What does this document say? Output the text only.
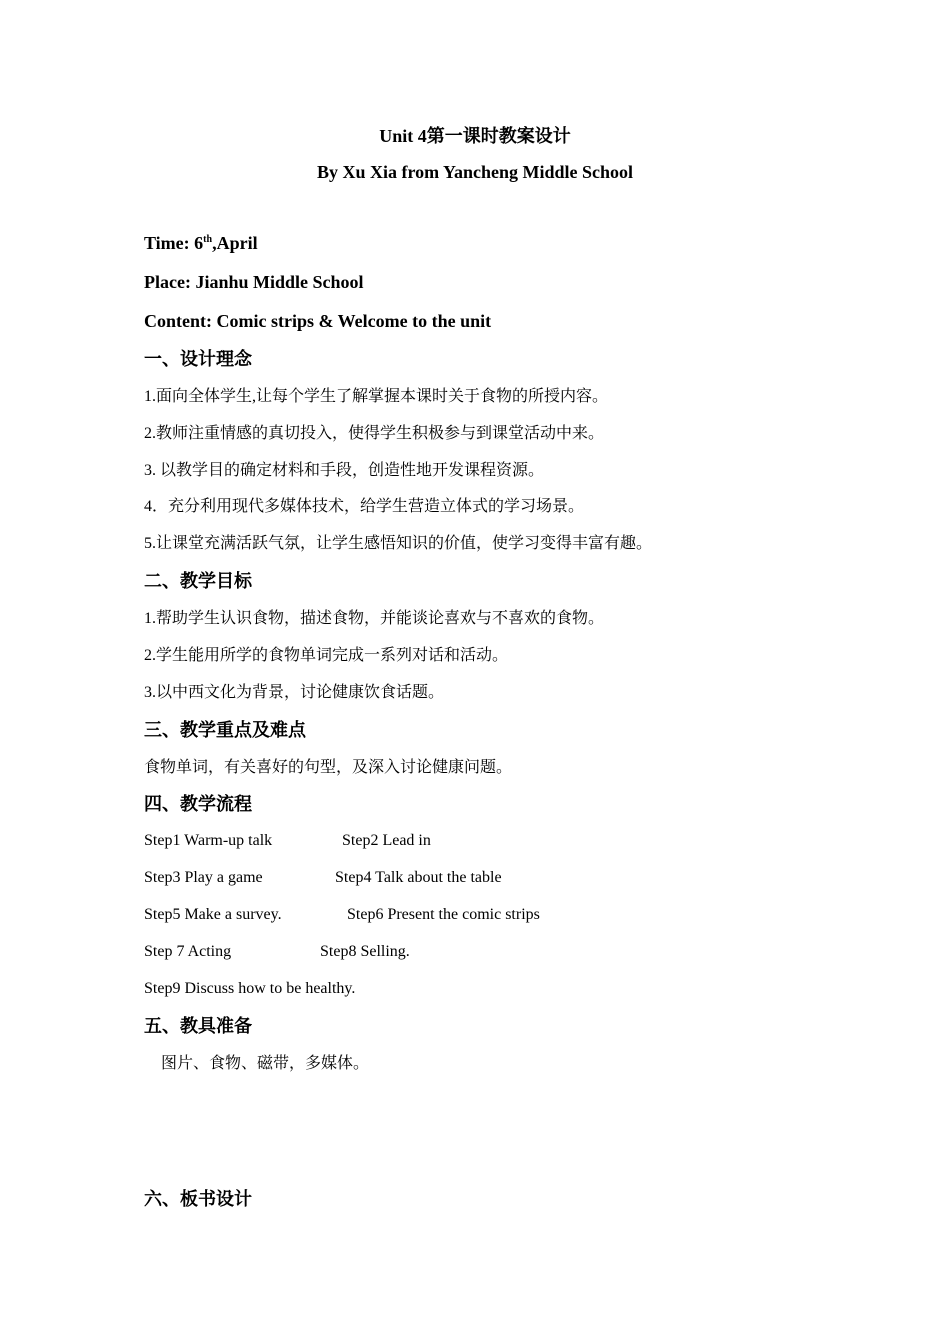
Unit 4第一课时教案设计
By Xu Xia from Yancheng Middle School
Time: 6th,April
Place: Jianhu Middle School
Content: Comic strips & Welcome to the unit
一、设计理念
1.面向全体学生,让每个学生了解掌握本课时关于食物的所授内容。
2.教师注重情感的真切投入，使得学生积极参与到课堂活动中来。
3. 以教学目的确定材料和手段，创造性地开发课程资源。
4．充分利用现代多媒体技术，给学生营造立体式的学习场景。
5.让课堂充满活跃气氛，让学生感悟知识的价值，使学习变得丰富有趣。
二、教学目标
1.帮助学生认识食物，描述食物，并能谈论喜欢与不喜欢的食物。
2.学生能用所学的食物单词完成一系列对话和活动。
3.以中西文化为背景，讨论健康饮食话题。
三、教学重点及难点
食物单词，有关喜好的句型，及深入讨论健康问题。
四、教学流程
Step1 Warm-up talk	Step2 Lead in
Step3 Play a game	Step4 Talk about the table
Step5 Make a survey.	Step6 Present the comic strips
Step 7 Acting	Step8 Selling.
Step9 Discuss how to be healthy.
五、教具准备
图片、食物、磁带，多媒体。
六、板书设计
